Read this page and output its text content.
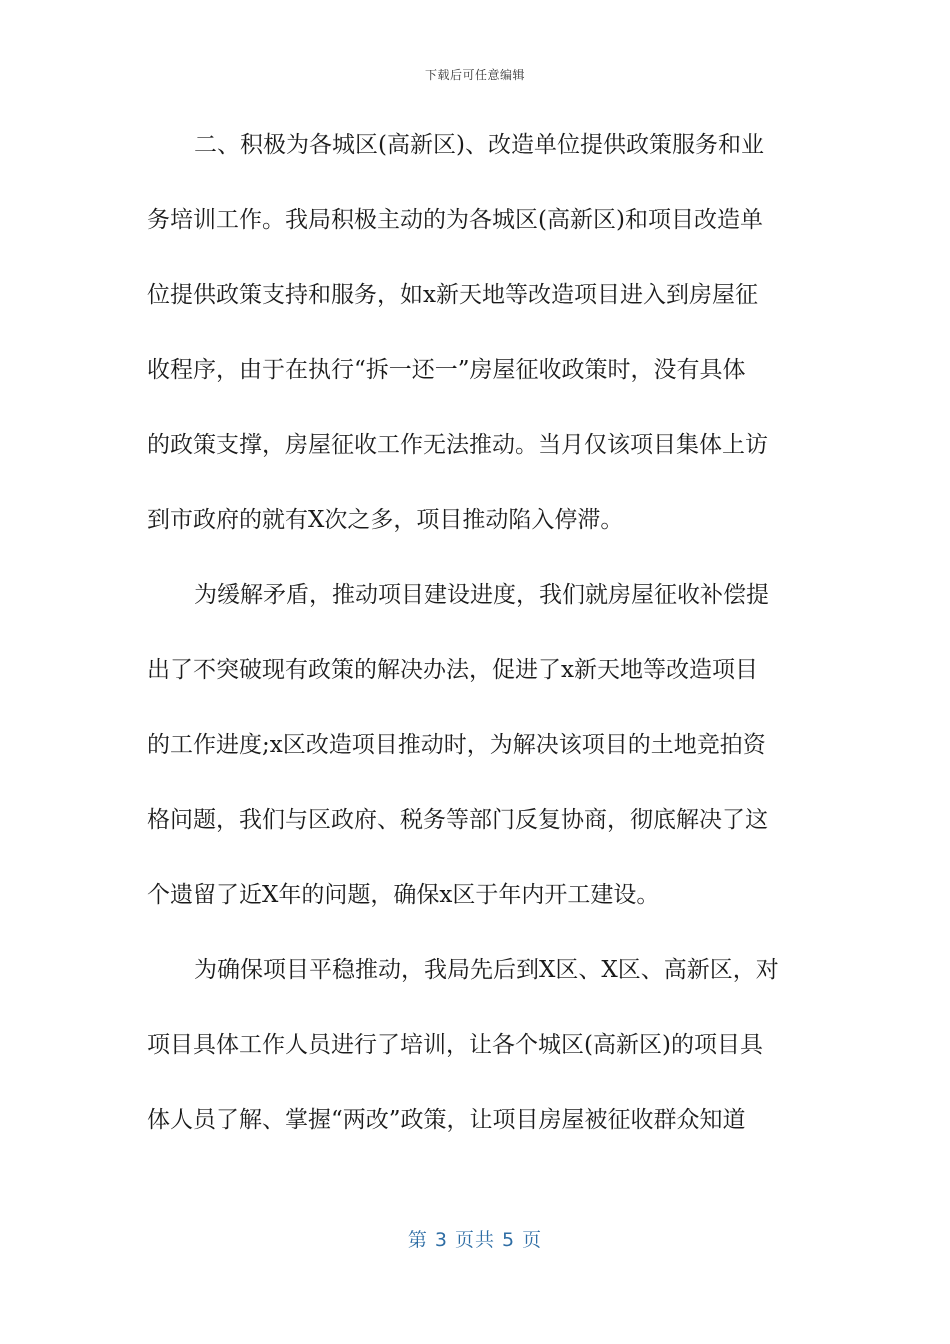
下载后可任意编辑
二、积极为各城区(高新区)、改造单位提供政策服务和业
务培训工作。我局积极主动的为各城区(高新区)和项目改造单
位提供政策支持和服务，如x新天地等改造项目进入到房屋征
收程序，由于在执行“拆一还一”房屋征收政策时，没有具体
的政策支撑，房屋征收工作无法推动。当月仅该项目集体上访
到市政府的就有X次之多，项目推动陷入停滞。
为缓解矛盾，推动项目建设进度，我们就房屋征收补偿提
出了不突破现有政策的解决办法，促进了x新天地等改造项目
的工作进度;x区改造项目推动时，为解决该项目的土地竞拍资
格问题，我们与区政府、税务等部门反复协商，彻底解决了这
个遗留了近X年的问题，确保x区于年内开工建设。
为确保项目平稳推动，我局先后到X区、X区、高新区，对
项目具体工作人员进行了培训，让各个城区(高新区)的项目具
体人员了解、掌握“两改”政策，让项目房屋被征收群众知道
第 3 页共 5 页
